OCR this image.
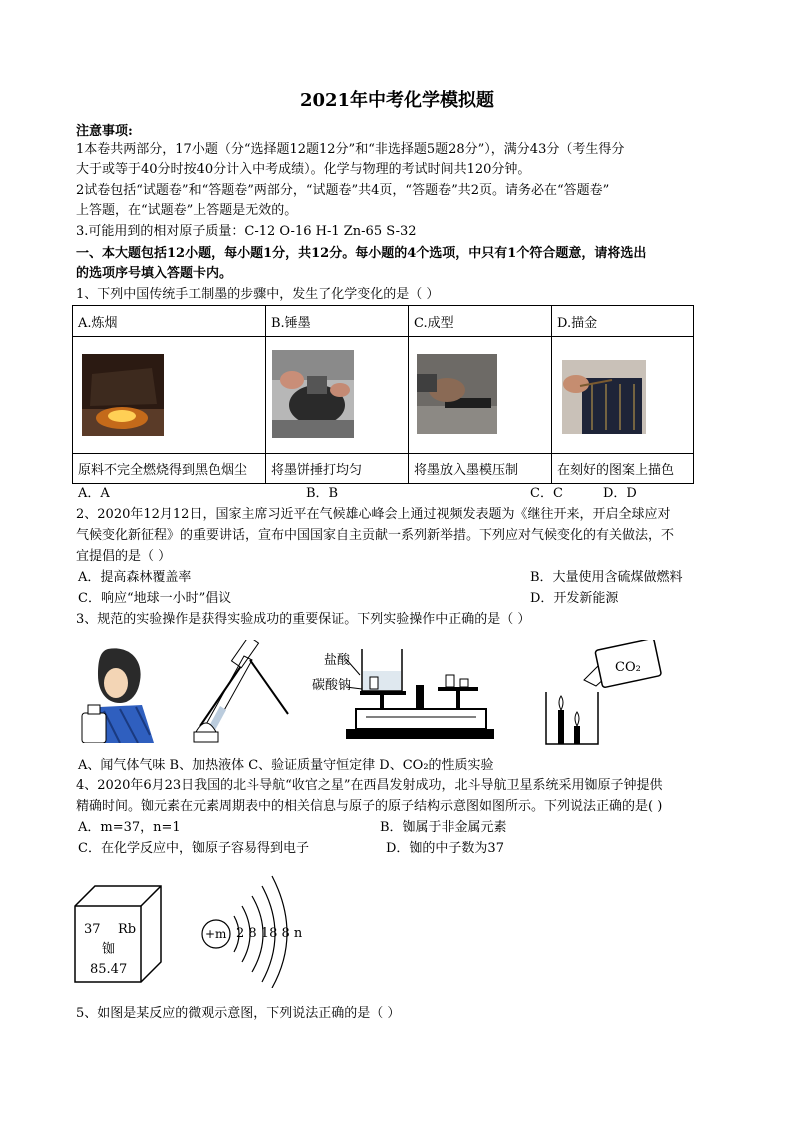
2021年中考化学模拟题
注意事项:
1本卷共两部分，17小题（分“选择题12题12分”和“非选择题5题28分”），满分43分（考生得分
大于或等于40分时按40分计入中考成绩）。化学与物理的考试时间共120分钟。
2试卷包括“试题卷”和“答题卷”两部分，“试题卷”共4页，“答题卷”共2页。请务必在“答题卷”
上答题，在“试题卷”上答题是无效的。
3.可能用到的相对原子质量：C-12 O-16 H-1 Zn-65 S-32
一、本大题包括12小题，每小题1分，共12分。每小题的4个选项，中只有1个符合题意，请将选出
的选项序号填入答题卡内。
1、下列中国传统手工制墨的步骤中，发生了化学变化的是（ ）
A.炼烟	B.锤墨	C.成型	D.描金

原料不完全燃烧得到黑色烟尘	将墨饼捶打均匀	将墨放入墨模压制	在刻好的图案上描色
A．A	B．B	C．C	D．D
2、2020年12月12日，国家主席习近平在气候雄心峰会上通过视频发表题为《继往开来，开启全球应对
气候变化新征程》的重要讲话，宣布中国国家自主贡献一系列新举措。下列应对气候变化的有关做法，不
宜提倡的是（ ）
A．提高森林覆盖率	B．大量使用含硫煤做燃料
C．响应“地球一小时”倡议	D．开发新能源
3、规范的实验操作是获得实验成功的重要保证。下列实验操作中正确的是（ ）
盐酸
碳酸钠
CO₂
A、闻气体气味 B、加热液体 C、验证质量守恒定律 D、CO₂的性质实验
4、2020年6月23日我国的北斗导航“收官之星”在西昌发射成功，北斗导航卫星系统采用铷原子钟提供
精确时间。铷元素在元素周期表中的相关信息与原子的原子结构示意图如图所示。下列说法正确的是( )
A．m=37，n=1	B．铷属于非金属元素
C．在化学反应中，铷原子容易得到电子	D．铷的中子数为37
37 Rb
铷
85.47
+m 2 8 18 8 n
5、如图是某反应的微观示意图，下列说法正确的是（ ）
